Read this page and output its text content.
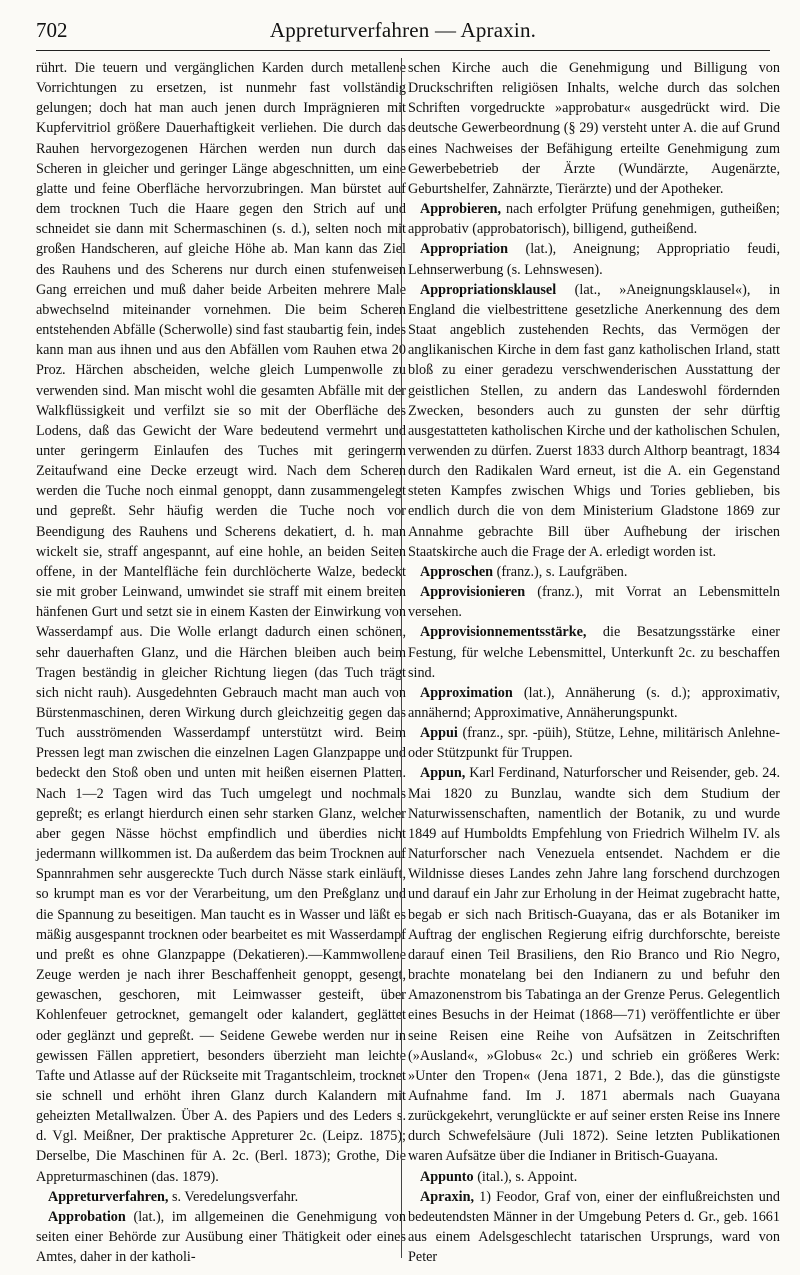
702	Appreturverfahren — Apraxin.

rührt. Die teuern und vergänglichen Karden durch metallene Vorrichtungen zu ersetzen, ist nunmehr fast vollständig gelungen; doch hat man auch jenen durch Imprägnieren mit Kupfervitriol größere Dauerhaftigkeit verliehen. Die durch das Rauhen hervorgezogenen Härchen werden nun durch das Scheren in gleicher und geringer Länge abgeschnitten, um eine glatte und feine Oberfläche hervorzubringen. Man bürstet auf dem trocknen Tuch die Haare gegen den Strich auf und schneidet sie dann mit Schermaschinen (s. d.), selten noch mit großen Handscheren, auf gleiche Höhe ab. Man kann das Ziel des Rauhens und des Scherens nur durch einen stufenweisen Gang erreichen und muß daher beide Arbeiten mehrere Male abwechselnd miteinander vornehmen. Die beim Scheren entstehenden Abfälle (Scherwolle) sind fast staubartig fein, indes kann man aus ihnen und aus den Abfällen vom Rauhen etwa 20 Proz. Härchen abscheiden, welche gleich Lumpenwolle zu verwenden sind. Man mischt wohl die gesamten Abfälle mit der Walkflüssigkeit und verfilzt sie so mit der Oberfläche des Lodens, daß das Gewicht der Ware bedeutend vermehrt und unter geringerm Einlaufen des Tuches mit geringerm Zeitaufwand eine Decke erzeugt wird. Nach dem Scheren werden die Tuche noch einmal genoppt, dann zusammengelegt und gepreßt. Sehr häufig werden die Tuche noch vor Beendigung des Rauhens und Scherens dekatiert, d. h. man wickelt sie, straff angespannt, auf eine hohle, an beiden Seiten offene, in der Mantelfläche fein durchlöcherte Walze, bedeckt sie mit grober Leinwand, umwindet sie straff mit einem breiten hänfenen Gurt und setzt sie in einem Kasten der Einwirkung von Wasserdampf aus. Die Wolle erlangt dadurch einen schönen, sehr dauerhaften Glanz, und die Härchen bleiben auch beim Tragen beständig in gleicher Richtung liegen (das Tuch trägt sich nicht rauh). Ausgedehnten Gebrauch macht man auch von Bürstenmaschinen, deren Wirkung durch gleichzeitig gegen das Tuch ausströmenden Wasserdampf unterstützt wird. Beim Pressen legt man zwischen die einzelnen Lagen Glanzpappe und bedeckt den Stoß oben und unten mit heißen eisernen Platten. Nach 1—2 Tagen wird das Tuch umgelegt und nochmals gepreßt; es erlangt hierdurch einen sehr starken Glanz, welcher aber gegen Nässe höchst empfindlich und überdies nicht jedermann willkommen ist. Da außerdem das beim Trocknen auf Spannrahmen sehr ausgereckte Tuch durch Nässe stark einläuft, so krumpt man es vor der Verarbeitung, um den Preßglanz und die Spannung zu beseitigen. Man taucht es in Wasser und läßt es mäßig ausgespannt trocknen oder bearbeitet es mit Wasserdampf und preßt es ohne Glanzpappe (Dekatieren).—Kammwollene Zeuge werden je nach ihrer Beschaffenheit genoppt, gesengt, gewaschen, geschoren, mit Leimwasser gesteift, über Kohlenfeuer getrocknet, gemangelt oder kalandert, geglättet oder geglänzt und gepreßt. — Seidene Gewebe werden nur in gewissen Fällen appretiert, besonders überzieht man leichte Tafte und Atlasse auf der Rückseite mit Tragantschleim, trocknet sie schnell und erhöht ihren Glanz durch Kalandern mit geheizten Metallwalzen. Über A. des Papiers und des Leders s. d. Vgl. Meißner, Der praktische Appreturer 2c. (Leipz. 1875); Derselbe, Die Maschinen für A. 2c. (Berl. 1873); Grothe, Die Appreturmaschinen (das. 1879).

Appreturverfahren, s. Veredelungsverfahr.

Approbation (lat.), im allgemeinen die Genehmigung von seiten einer Behörde zur Ausübung einer Thätigkeit oder eines Amtes, daher in der katholi-

schen Kirche auch die Genehmigung und Billigung von Druckschriften religiösen Inhalts, welche durch das solchen Schriften vorgedruckte »approbatur« ausgedrückt wird. Die deutsche Gewerbeordnung (§ 29) versteht unter A. die auf Grund eines Nachweises der Befähigung erteilte Genehmigung zum Gewerbebetrieb der Ärzte (Wundärzte, Augenärzte, Geburtshelfer, Zahnärzte, Tierärzte) und der Apotheker.

Approbieren, nach erfolgter Prüfung genehmigen, gutheißen; approbativ (approbatorisch), billigend, gutheißend.

Appropriation (lat.), Aneignung; Appropriatio feudi, Lehnserwerbung (s. Lehnswesen).

Appropriationsklausel (lat., »Aneignungsklausel«), in England die vielbestrittene gesetzliche Anerkennung des dem Staat angeblich zustehenden Rechts, das Vermögen der anglikanischen Kirche in dem fast ganz katholischen Irland, statt bloß zu einer geradezu verschwenderischen Ausstattung der geistlichen Stellen, zu andern das Landeswohl fördernden Zwecken, besonders auch zu gunsten der sehr dürftig ausgestatteten katholischen Kirche und der katholischen Schulen, verwenden zu dürfen. Zuerst 1833 durch Althorp beantragt, 1834 durch den Radikalen Ward erneut, ist die A. ein Gegenstand steten Kampfes zwischen Whigs und Tories geblieben, bis endlich durch die von dem Ministerium Gladstone 1869 zur Annahme gebrachte Bill über Aufhebung der irischen Staatskirche auch die Frage der A. erledigt worden ist.

Approschen (franz.), s. Laufgräben.

Approvisionieren (franz.), mit Vorrat an Lebensmitteln versehen.

Approvisionnementsstärke, die Besatzungsstärke einer Festung, für welche Lebensmittel, Unterkunft 2c. zu beschaffen sind.

Approximation (lat.), Annäherung (s. d.); approximativ, annähernd; Approximative, Annäherungspunkt.

Appui (franz., spr. -püih), Stütze, Lehne, militärisch Anlehne- oder Stützpunkt für Truppen.

Appun, Karl Ferdinand, Naturforscher und Reisender, geb. 24. Mai 1820 zu Bunzlau, wandte sich dem Studium der Naturwissenschaften, namentlich der Botanik, zu und wurde 1849 auf Humboldts Empfehlung von Friedrich Wilhelm IV. als Naturforscher nach Venezuela entsendet. Nachdem er die Wildnisse dieses Landes zehn Jahre lang forschend durchzogen und darauf ein Jahr zur Erholung in der Heimat zugebracht hatte, begab er sich nach Britisch-Guayana, das er als Botaniker im Auftrag der englischen Regierung eifrig durchforschte, bereiste darauf einen Teil Brasiliens, den Rio Branco und Rio Negro, brachte monatelang bei den Indianern zu und befuhr den Amazonenstrom bis Tabatinga an der Grenze Perus. Gelegentlich eines Besuchs in der Heimat (1868—71) veröffentlichte er über seine Reisen eine Reihe von Aufsätzen in Zeitschriften (»Ausland«, »Globus« 2c.) und schrieb ein größeres Werk: »Unter den Tropen« (Jena 1871, 2 Bde.), das die günstigste Aufnahme fand. Im J. 1871 abermals nach Guayana zurückgekehrt, verunglückte er auf seiner ersten Reise ins Innere durch Schwefelsäure (Juli 1872). Seine letzten Publikationen waren Aufsätze über die Indianer in Britisch-Guayana.

Appunto (ital.), s. Appoint.

Apraxin, 1) Feodor, Graf von, einer der einflußreichsten und bedeutendsten Männer in der Umgebung Peters d. Gr., geb. 1661 aus einem Adelsgeschlecht tatarischen Ursprungs, ward von Peter
